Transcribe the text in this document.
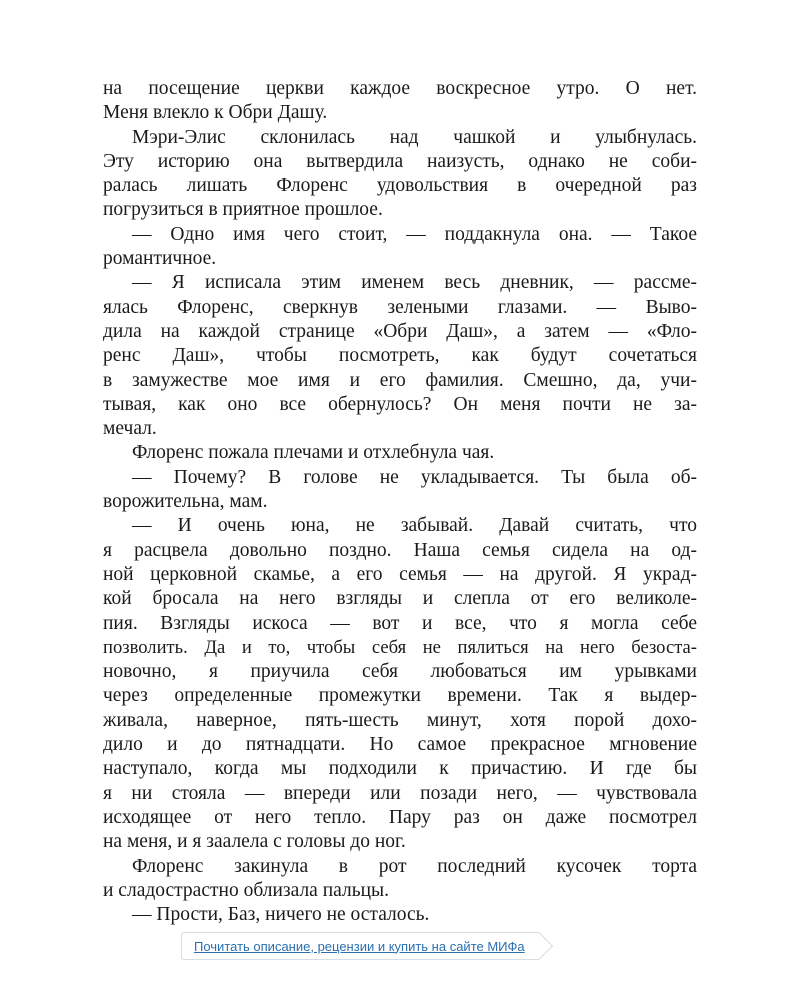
на посещение церкви каждое воскресное утро. О нет.
Меня влекло к Обри Дашу.
Мэри-Элис склонилась над чашкой и улыбнулась.
Эту историю она вытвердила наизусть, однако не соби-
ралась лишать Флоренс удовольствия в очередной раз
погрузиться в приятное прошлое.
— Одно имя чего стоит, — поддакнула она. — Такое
романтичное.
— Я исписала этим именем весь дневник, — рассме-
ялась Флоренс, сверкнув зелеными глазами. — Выво-
дила на каждой странице «Обри Даш», а затем — «Фло-
ренс Даш», чтобы посмотреть, как будут сочетаться
в замужестве мое имя и его фамилия. Смешно, да, учи-
тывая, как оно все обернулось? Он меня почти не за-
мечал.
Флоренс пожала плечами и отхлебнула чая.
— Почему? В голове не укладывается. Ты была об-
ворожительна, мам.
— И очень юна, не забывай. Давай считать, что
я расцвела довольно поздно. Наша семья сидела на од-
ной церковной скамье, а его семья — на другой. Я украд-
кой бросала на него взгляды и слепла от его великоле-
пия. Взгляды искоса — вот и все, что я могла себе
позволить. Да и то, чтобы себя не пялиться на него безоста-
новочно, я приучила себя любоваться им урывками
через определенные промежутки времени. Так я выдер-
живала, наверное, пять-шесть минут, хотя порой дохо-
дило и до пятнадцати. Но самое прекрасное мгновение
наступало, когда мы подходили к причастию. И где бы
я ни стояла — впереди или позади него, — чувствовала
исходящее от него тепло. Пару раз он даже посмотрел
на меня, и я заалела с головы до ног.
Флоренс закинула в рот последний кусочек торта
и сладострастно облизала пальцы.
— Прости, Баз, ничего не осталось.
Почитать описание, рецензии и купить на сайте МИФа
